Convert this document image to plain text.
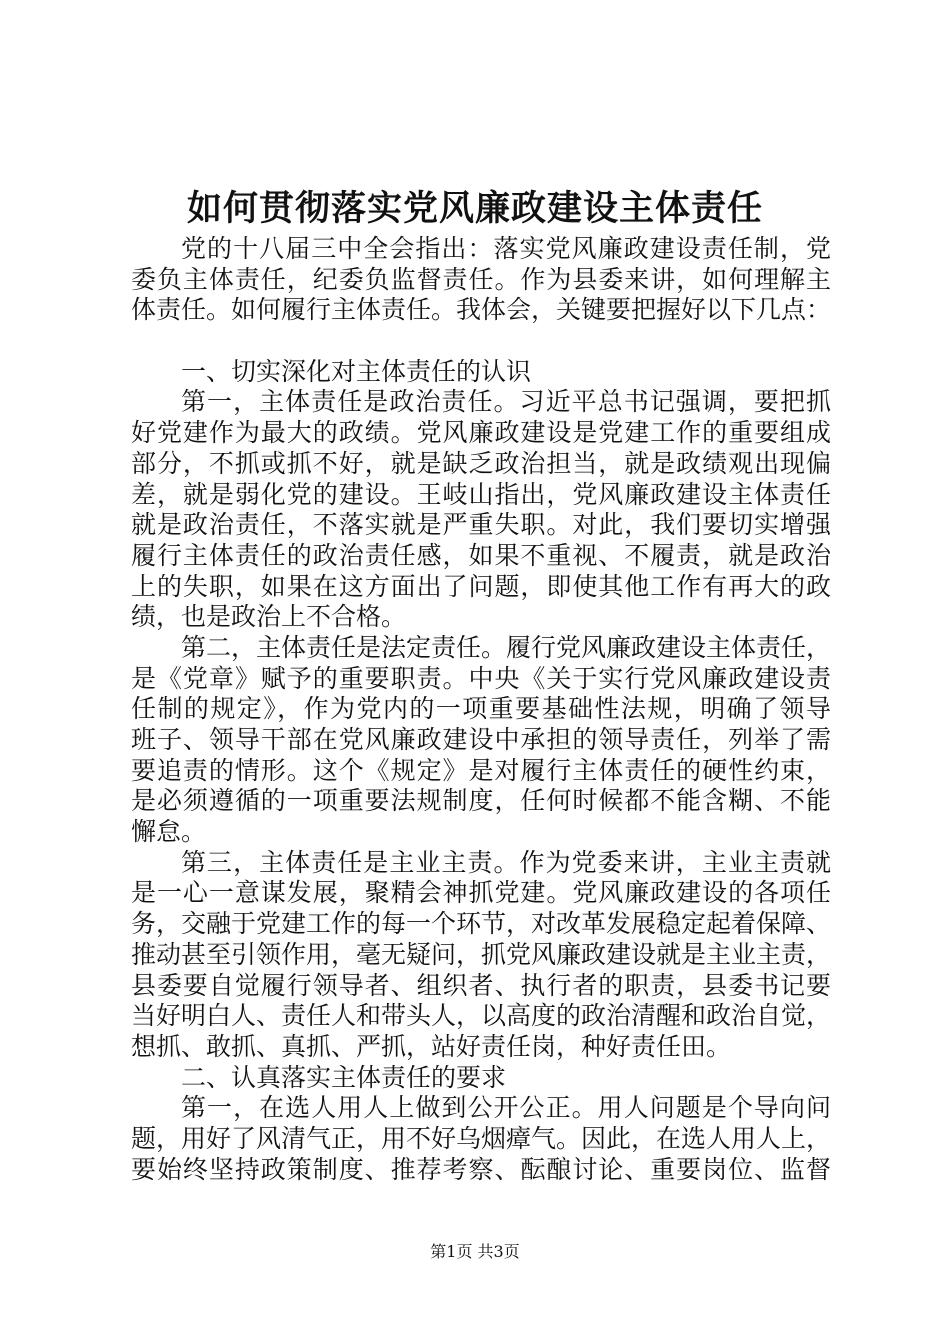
如何贯彻落实党风廉政建设主体责任
党的十八届三中全会指出：落实党风廉政建设责任制，党
委负主体责任，纪委负监督责任。作为县委来讲，如何理解主
体责任。如何履行主体责任。我体会，关键要把握好以下几点：
一、切实深化对主体责任的认识
第一，主体责任是政治责任。习近平总书记强调，要把抓
好党建作为最大的政绩。党风廉政建设是党建工作的重要组成
部分，不抓或抓不好，就是缺乏政治担当，就是政绩观出现偏
差，就是弱化党的建设。王岐山指出，党风廉政建设主体责任
就是政治责任，不落实就是严重失职。对此，我们要切实增强
履行主体责任的政治责任感，如果不重视、不履责，就是政治
上的失职，如果在这方面出了问题，即使其他工作有再大的政
绩，也是政治上不合格。
第二，主体责任是法定责任。履行党风廉政建设主体责任，
是《党章》赋予的重要职责。中央《关于实行党风廉政建设责
任制的规定》，作为党内的一项重要基础性法规，明确了领导
班子、领导干部在党风廉政建设中承担的领导责任，列举了需
要追责的情形。这个《规定》是对履行主体责任的硬性约束，
是必须遵循的一项重要法规制度，任何时候都不能含糊、不能
懈怠。
第三，主体责任是主业主责。作为党委来讲，主业主责就
是一心一意谋发展，聚精会神抓党建。党风廉政建设的各项任
务，交融于党建工作的每一个环节，对改革发展稳定起着保障、
推动甚至引领作用，毫无疑问，抓党风廉政建设就是主业主责，
县委要自觉履行领导者、组织者、执行者的职责，县委书记要
当好明白人、责任人和带头人，以高度的政治清醒和政治自觉，
想抓、敢抓、真抓、严抓，站好责任岗，种好责任田。
二、认真落实主体责任的要求
第一，在选人用人上做到公开公正。用人问题是个导向问
题，用好了风清气正，用不好乌烟瘴气。因此，在选人用人上，
要始终坚持政策制度、推荐考察、酝酿讨论、重要岗位、监督
第1页 共3页
